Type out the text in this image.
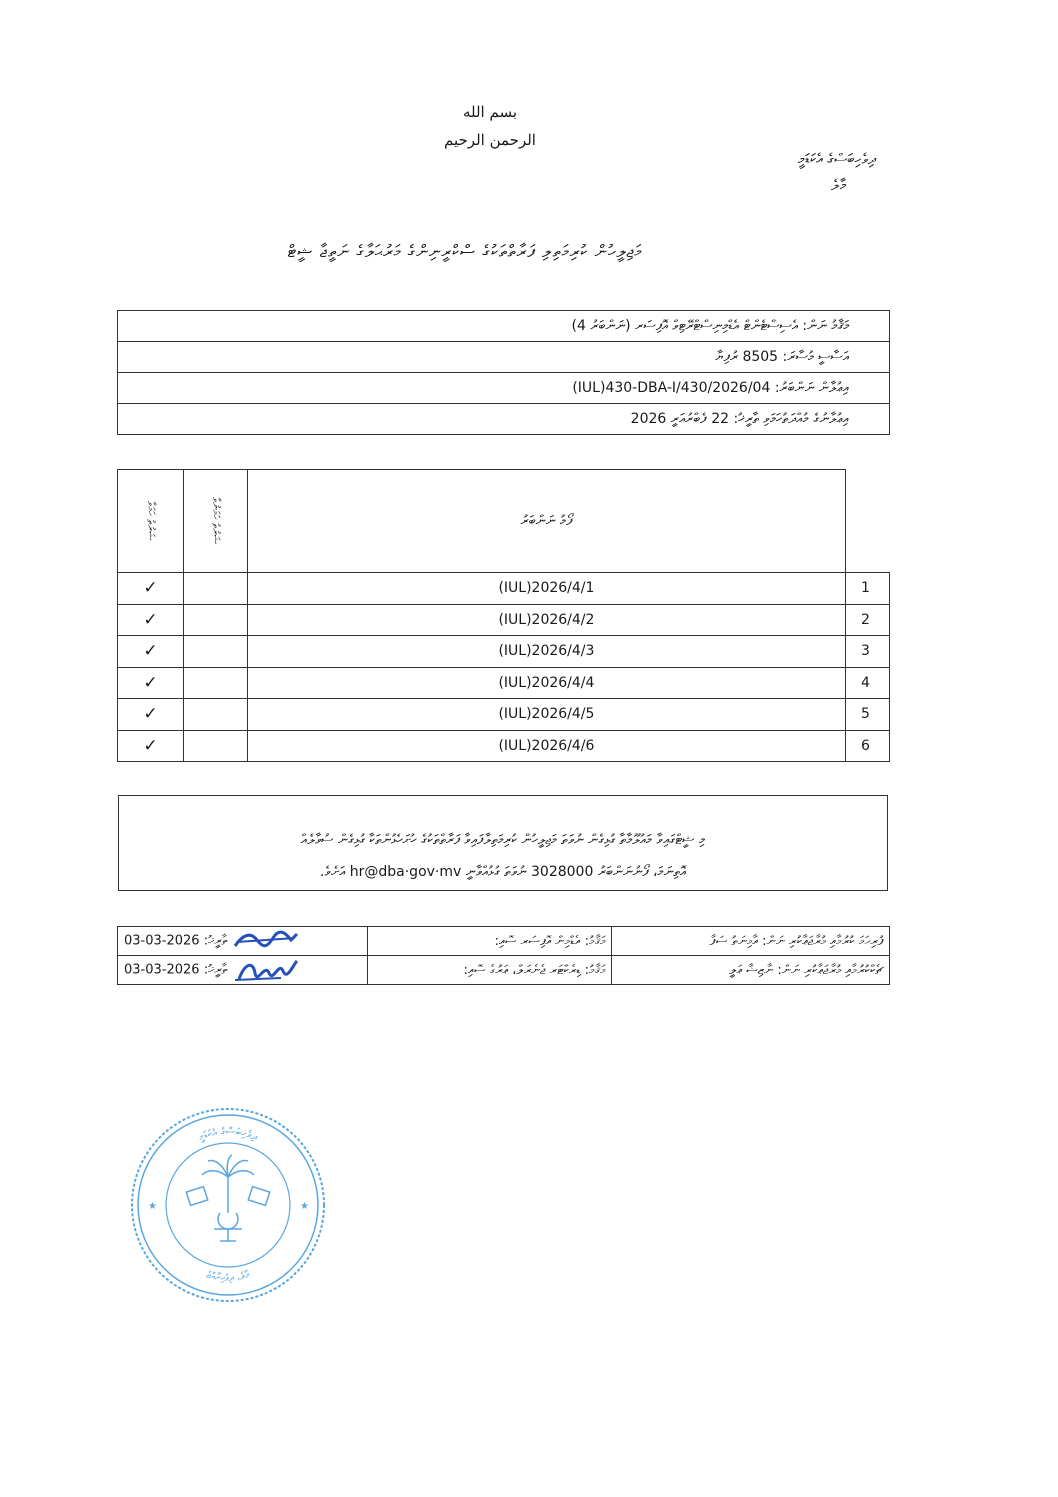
بسم الله الرحمن الرحيم
ދިވެހިބަސްގެ އެކަޑަމީ
މާލެ
މަޖިލީހުން ކުރިމަތިލި ފަރާތްތަކުގެ ސްކްރީނިންގެ މަރުޙަލާގެ ނަތީޖާ ޝީޓް
މަޤާމު ނަން: އެސިސްޓެންޓް އެޑްމިނިސްޓްރޭޓިވް އޮފިސަރ (ނަންބަރު 4)
އަސާސީ މުސާރަ: 8505 ރުފިޔާ
އިޢުލާން ނަންބަރު: (IUL)430-DBA-I/430/2026/04
އިޢުލާނުގެ މުއްދަތުހަމަވި ތާރީޚު: 22 ފެބްރުއަރީ 2026
ޝަރުތު ހަމަވާ	ޝަރުތު ހަމަނުވާ	ފޯމު ނަންބަރު	
✓		(IUL)2026/4/1	1
✓		(IUL)2026/4/2	2
✓		(IUL)2026/4/3	3
✓		(IUL)2026/4/4	4
✓		(IUL)2026/4/5	5
✓		(IUL)2026/4/6	6
މި ޝީޓްގައިވާ މައުލޫމާތާ ގުޅިގެން ނުވަތަ މަޖިލީހުން ކުރިމަތިލާފައިވާ ފަރާތްތަކުގެ ހުށަހެޅުންތަކާ ގުޅިގެން ސުވާލެއް
އޮތިނަމަ، ފޯނުނަންބަރު 3028000 ނުވަތަ ގުޅުއްވާނީ hr@dba·gov·mv އަށެވެ.
03-03-2026 ތާރީޚު:	މަޤާމު: އެޑްމިން އޮފިސަރ ސޮއި:	ފުރިހަމަ ކުރުމާއި މުރާޖަޢާކުރި ނަން: އާމިނަތު ސަފާ
03-03-2026 ތާރީޚު:	މަޤާމު: ޑިރެކްޓަރ ޖެނެރަލް، ޢަރުގެ ސޮއި:	ޗެކްކުރުމާއި މުރާޖަޢާކުރި ނަން: ނާޒިޝާ ޢަލީ
ދިވެހިބަސްގެ އެކަޑަމީ
މާލެ، ދިވެހިރާއްޖެ
★	★
